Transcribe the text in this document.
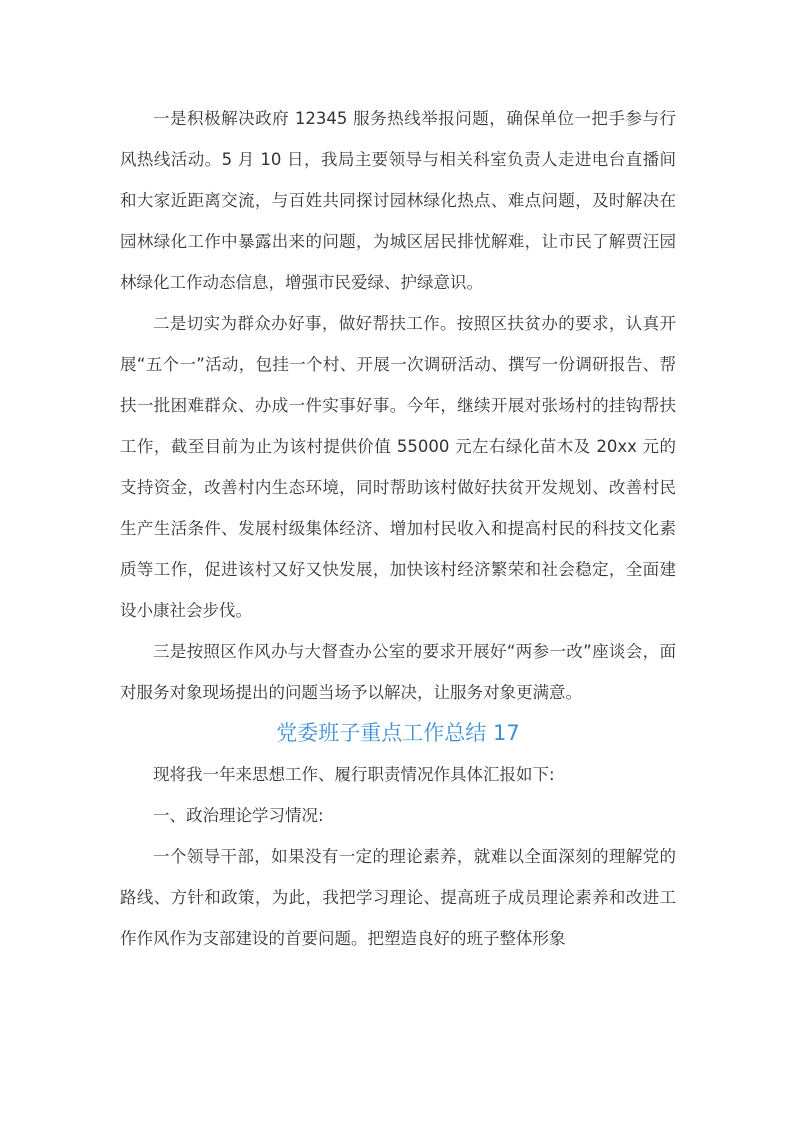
一是积极解决政府 12345 服务热线举报问题，确保单位一把手参与行风热线活动。5 月 10 日，我局主要领导与相关科室负责人走进电台直播间和大家近距离交流，与百姓共同探讨园林绿化热点、难点问题，及时解决在园林绿化工作中暴露出来的问题，为城区居民排忧解难，让市民了解贾汪园林绿化工作动态信息，增强市民爱绿、护绿意识。

二是切实为群众办好事，做好帮扶工作。按照区扶贫办的要求，认真开展“五个一”活动，包挂一个村、开展一次调研活动、撰写一份调研报告、帮扶一批困难群众、办成一件实事好事。今年，继续开展对张场村的挂钩帮扶工作，截至目前为止为该村提供价值 55000 元左右绿化苗木及 20xx 元的支持资金，改善村内生态环境，同时帮助该村做好扶贫开发规划、改善村民生产生活条件、发展村级集体经济、增加村民收入和提高村民的科技文化素质等工作，促进该村又好又快发展，加快该村经济繁荣和社会稳定，全面建设小康社会步伐。

三是按照区作风办与大督查办公室的要求开展好“两参一改”座谈会，面对服务对象现场提出的问题当场予以解决，让服务对象更满意。

党委班子重点工作总结 17

现将我一年来思想工作、履行职责情况作具体汇报如下:

一、政治理论学习情况:

一个领导干部，如果没有一定的理论素养，就难以全面深刻的理解党的路线、方针和政策，为此，我把学习理论、提高班子成员理论素养和改进工作作风作为支部建设的首要问题。把塑造良好的班子整体形象
